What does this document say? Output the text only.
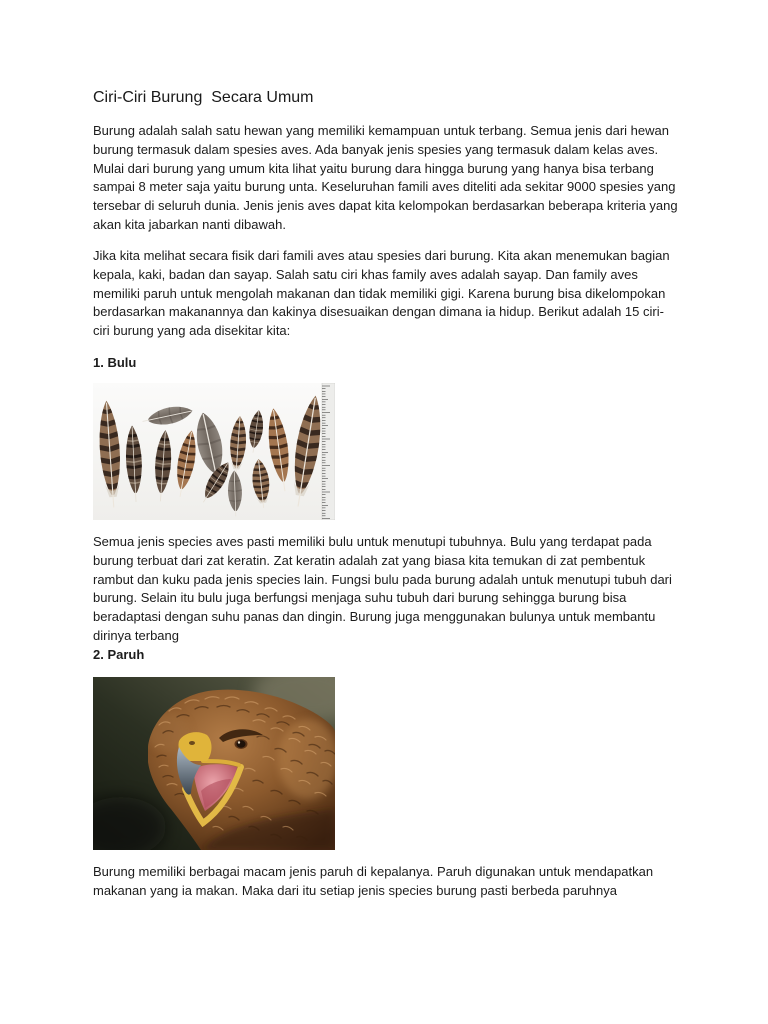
Ciri-Ciri Burung  Secara Umum
Burung adalah salah satu hewan yang memiliki kemampuan untuk terbang. Semua jenis dari hewan
burung termasuk dalam spesies aves. Ada banyak jenis spesies yang termasuk dalam kelas aves.
Mulai dari burung yang umum kita lihat yaitu burung dara hingga burung yang hanya bisa terbang
sampai 8 meter saja yaitu burung unta. Keseluruhan famili aves diteliti ada sekitar 9000 spesies yang
tersebar di seluruh dunia. Jenis jenis aves dapat kita kelompokan berdasarkan beberapa kriteria yang
akan kita jabarkan nanti dibawah.
Jika kita melihat secara fisik dari famili aves atau spesies dari burung. Kita akan menemukan bagian
kepala, kaki, badan dan sayap. Salah satu ciri khas family aves adalah sayap. Dan family aves
memiliki paruh untuk mengolah makanan dan tidak memiliki gigi. Karena burung bisa dikelompokan
berdasarkan makanannya dan kakinya disesuaikan dengan dimana ia hidup. Berikut adalah 15 ciri-
ciri burung yang ada disekitar kita:
1. Bulu
Semua jenis species aves pasti memiliki bulu untuk menutupi tubuhnya. Bulu yang terdapat pada
burung terbuat dari zat keratin. Zat keratin adalah zat yang biasa kita temukan di zat pembentuk
rambut dan kuku pada jenis species lain. Fungsi bulu pada burung adalah untuk menutupi tubuh dari
burung. Selain itu bulu juga berfungsi menjaga suhu tubuh dari burung sehingga burung bisa
beradaptasi dengan suhu panas dan dingin. Burung juga menggunakan bulunya untuk membantu
dirinya terbang
2. Paruh
Burung memiliki berbagai macam jenis paruh di kepalanya. Paruh digunakan untuk mendapatkan
makanan yang ia makan. Maka dari itu setiap jenis species burung pasti berbeda paruhnya
